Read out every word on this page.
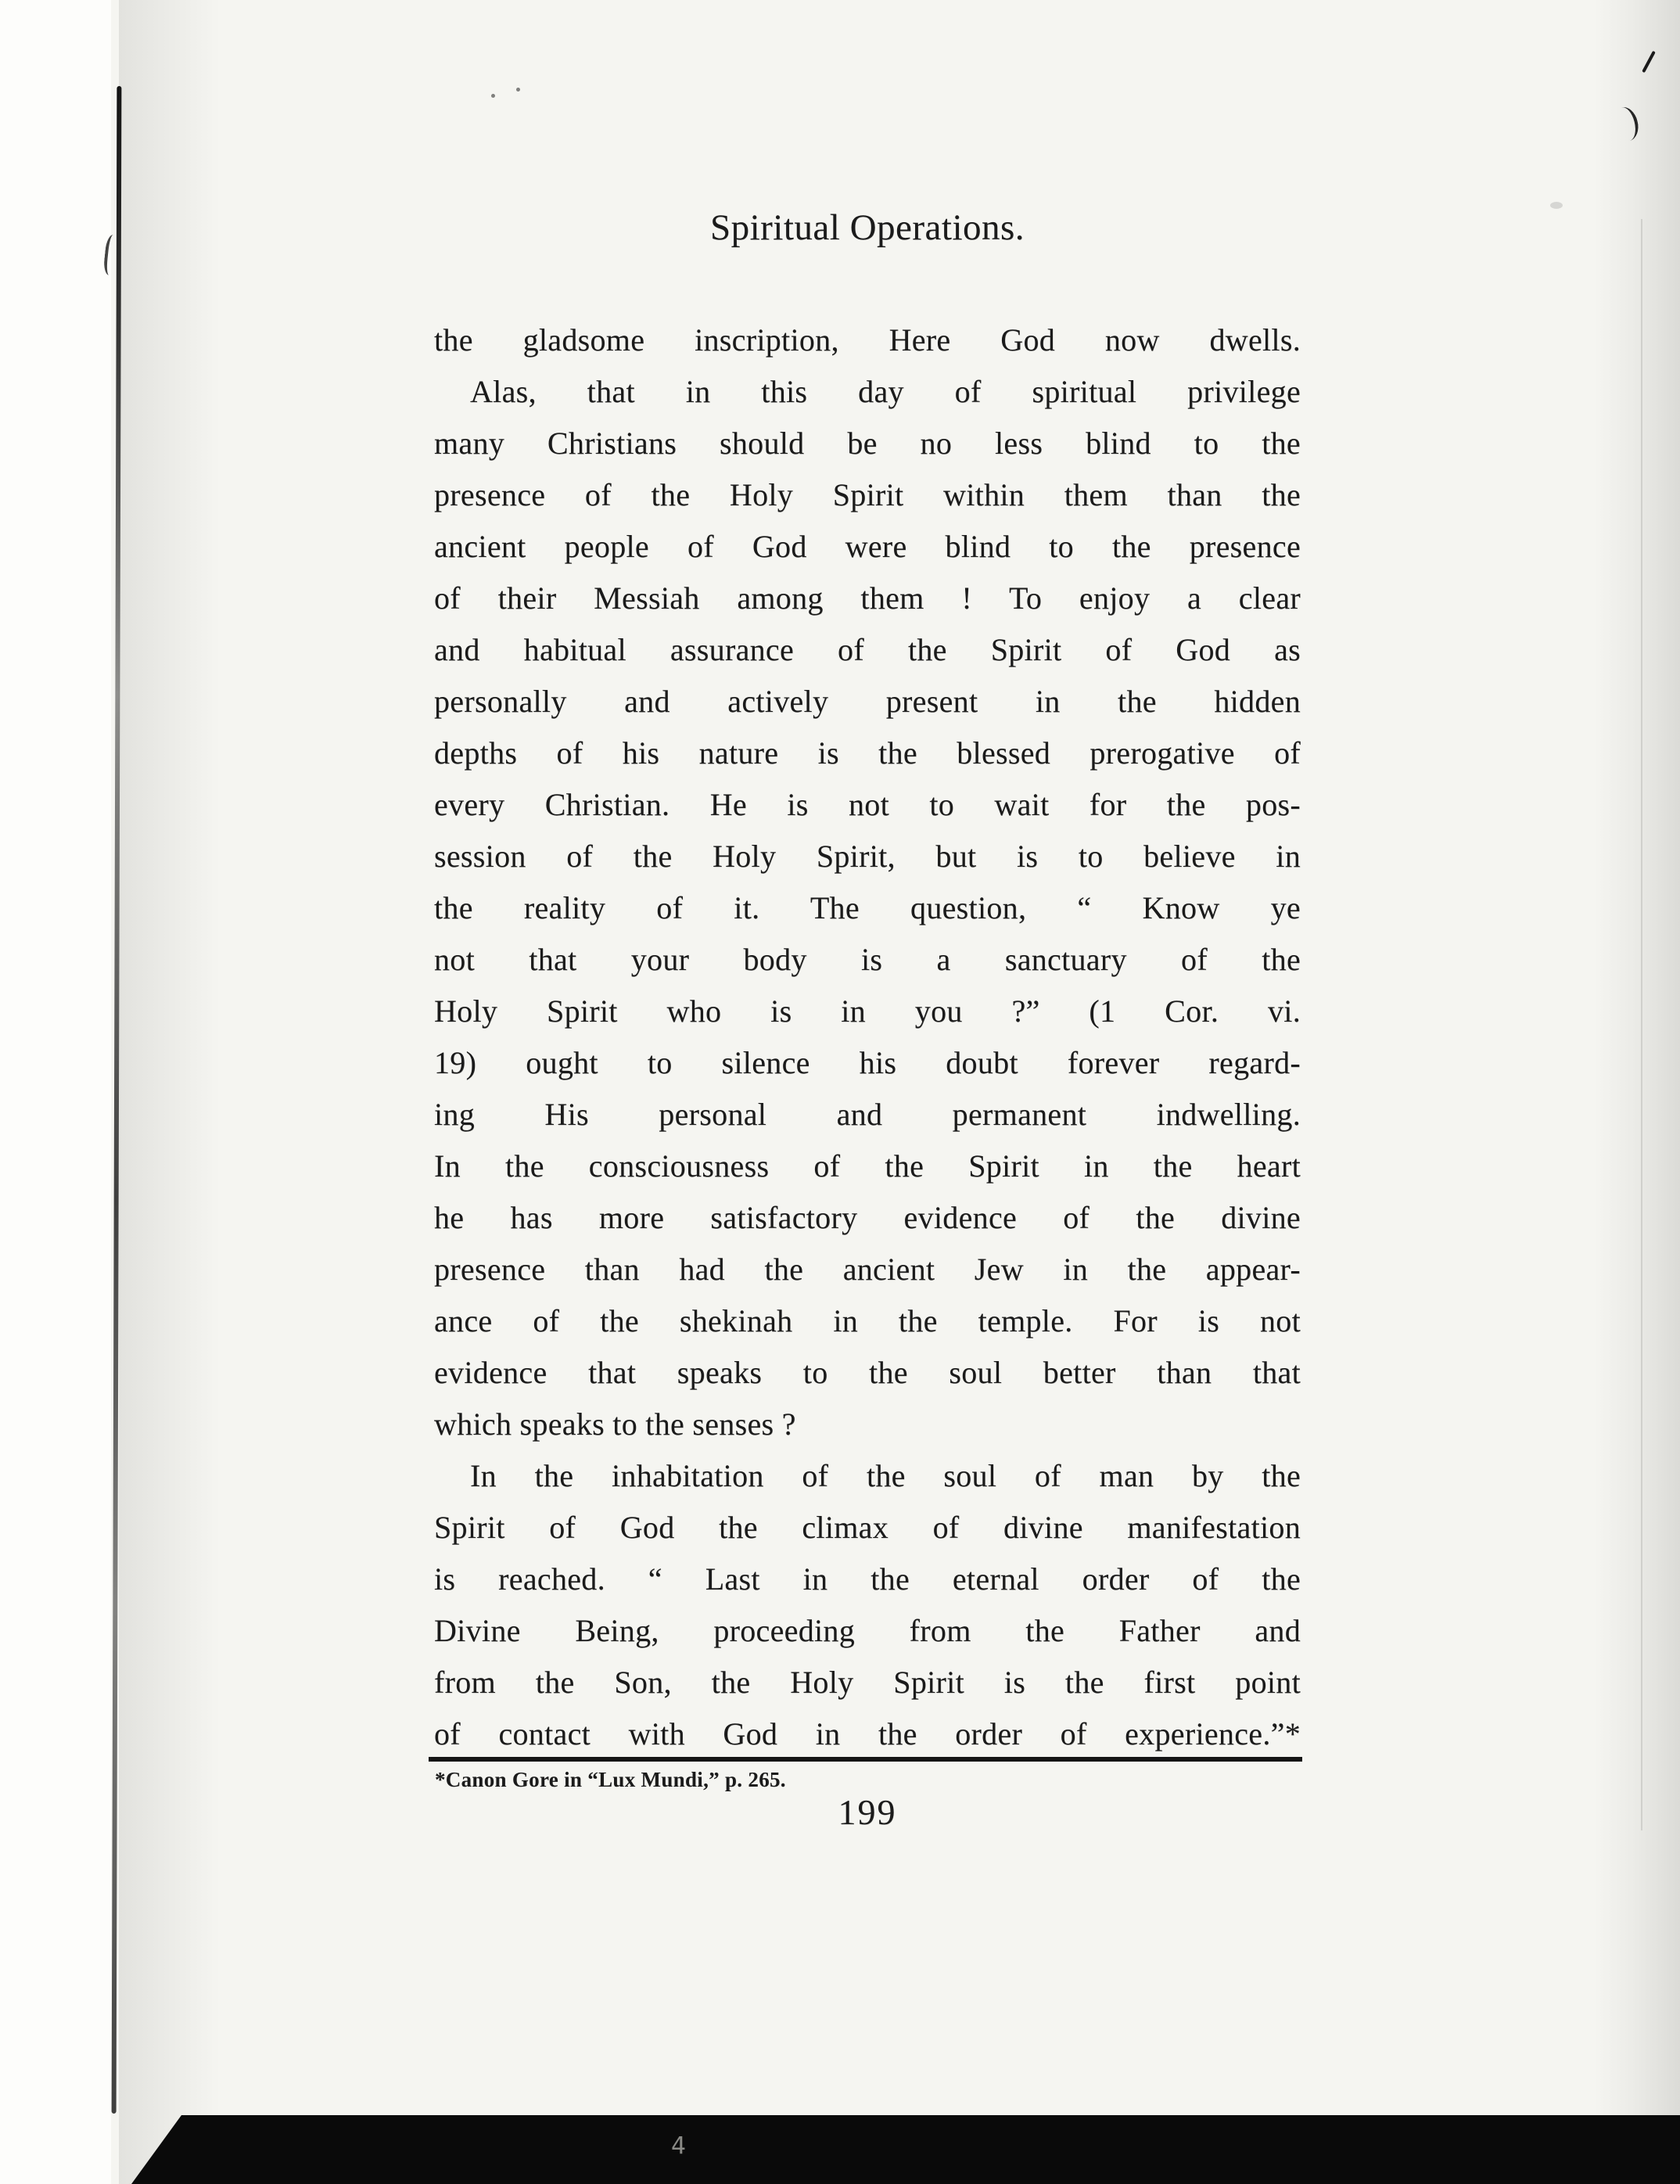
Spiritual Operations.
the gladsome inscription, Here God now dwells.
Alas, that in this day of spiritual privilege
many Christians should be no less blind to the
presence of the Holy Spirit within them than the
ancient people of God were blind to the presence
of their Messiah among them ! To enjoy a clear
and habitual assurance of the Spirit of God as
personally and actively present in the hidden
depths of his nature is the blessed prerogative of
every Christian. He is not to wait for the pos-
session of the Holy Spirit, but is to believe in
the reality of it. The question, “ Know ye
not that your body is a sanctuary of the
Holy Spirit who is in you ?” (1 Cor. vi.
19) ought to silence his doubt forever regard-
ing His personal and permanent indwelling.
In the consciousness of the Spirit in the heart
he has more satisfactory evidence of the divine
presence than had the ancient Jew in the appear-
ance of the shekinah in the temple. For is not
evidence that speaks to the soul better than that
which speaks to the senses ?
In the inhabitation of the soul of man by the
Spirit of God the climax of divine manifestation
is reached. “ Last in the eternal order of the
Divine Being, proceeding from the Father and
from the Son, the Holy Spirit is the first point
of contact with God in the order of experience.”*
*Canon Gore in “Lux Mundi,” p. 265.
199
4
